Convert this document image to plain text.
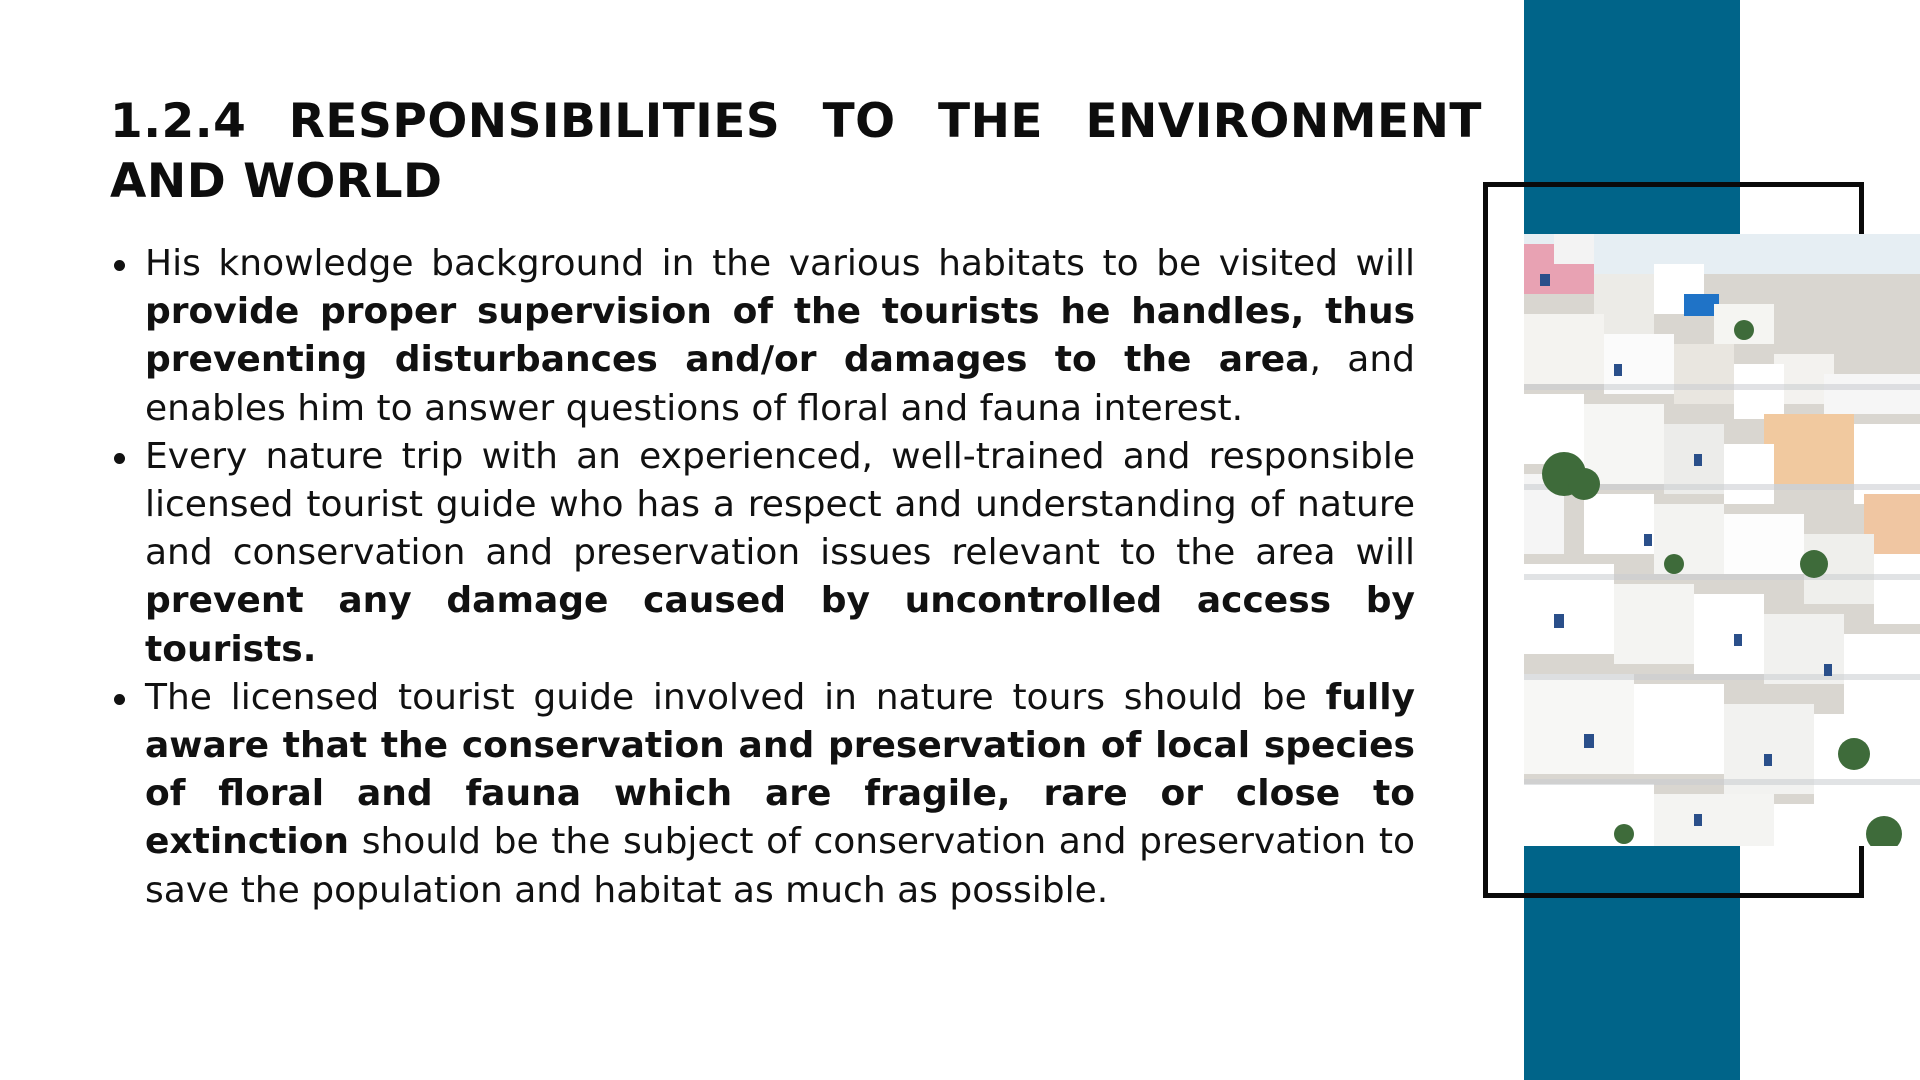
1.2.4 RESPONSIBILITIES TO THE ENVIRONMENT AND WORLD
His knowledge background in the various habitats to be visited will provide proper supervision of the tourists he handles, thus preventing disturbances and/or damages to the area, and enables him to answer questions of floral and fauna interest.
Every nature trip with an experienced, well-trained and responsible licensed tourist guide who has a respect and understanding of nature and conservation and preservation issues relevant to the area will prevent any damage caused by uncontrolled access by tourists.
The licensed tourist guide involved in nature tours should be fully aware that the conservation and preservation of local species of floral and fauna which are fragile, rare or close to extinction should be the subject of conservation and preservation to save the population and habitat as much as possible.
